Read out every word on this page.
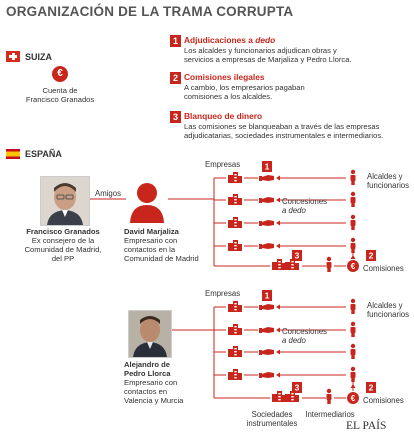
ORGANIZACIÓN DE LA TRAMA CORRUPTA
SUIZA
€
Cuenta de
Francisco Granados
ESPAÑA
1 Adjudicaciones a dedo
Los alcaldes y funcionarios adjudican obras y
servicios a empresas de Marjaliza y Pedro Llorca.
2 Comisiones ilegales
A cambio, los empresarios pagaban
comisiones a los alcaldes.
3 Blanqueo de dinero
Las comisiones se blanqueaban a través de las empresas
adjudicatarias, sociedades instrumentales e intermediarios.
Francisco Granados
Ex consejero de la
Comunidad de Madrid,
del PP
David Marjaliza
Empresario con
contactos en la
Comunidad de Madrid
Alejandro de
Pedro Llorca
Empresario con
contactos en
Valencia y Murcia
Amigos
Empresas	1
Concesiones
a dedo
Alcaldes y
funcionarios
3
€
2
Comisiones
Empresas	1
Concesiones
a dedo
Alcaldes y
funcionarios
3
€
2
Comisiones
Sociedades
instrumentales
Intermediarios
EL PAÍS
